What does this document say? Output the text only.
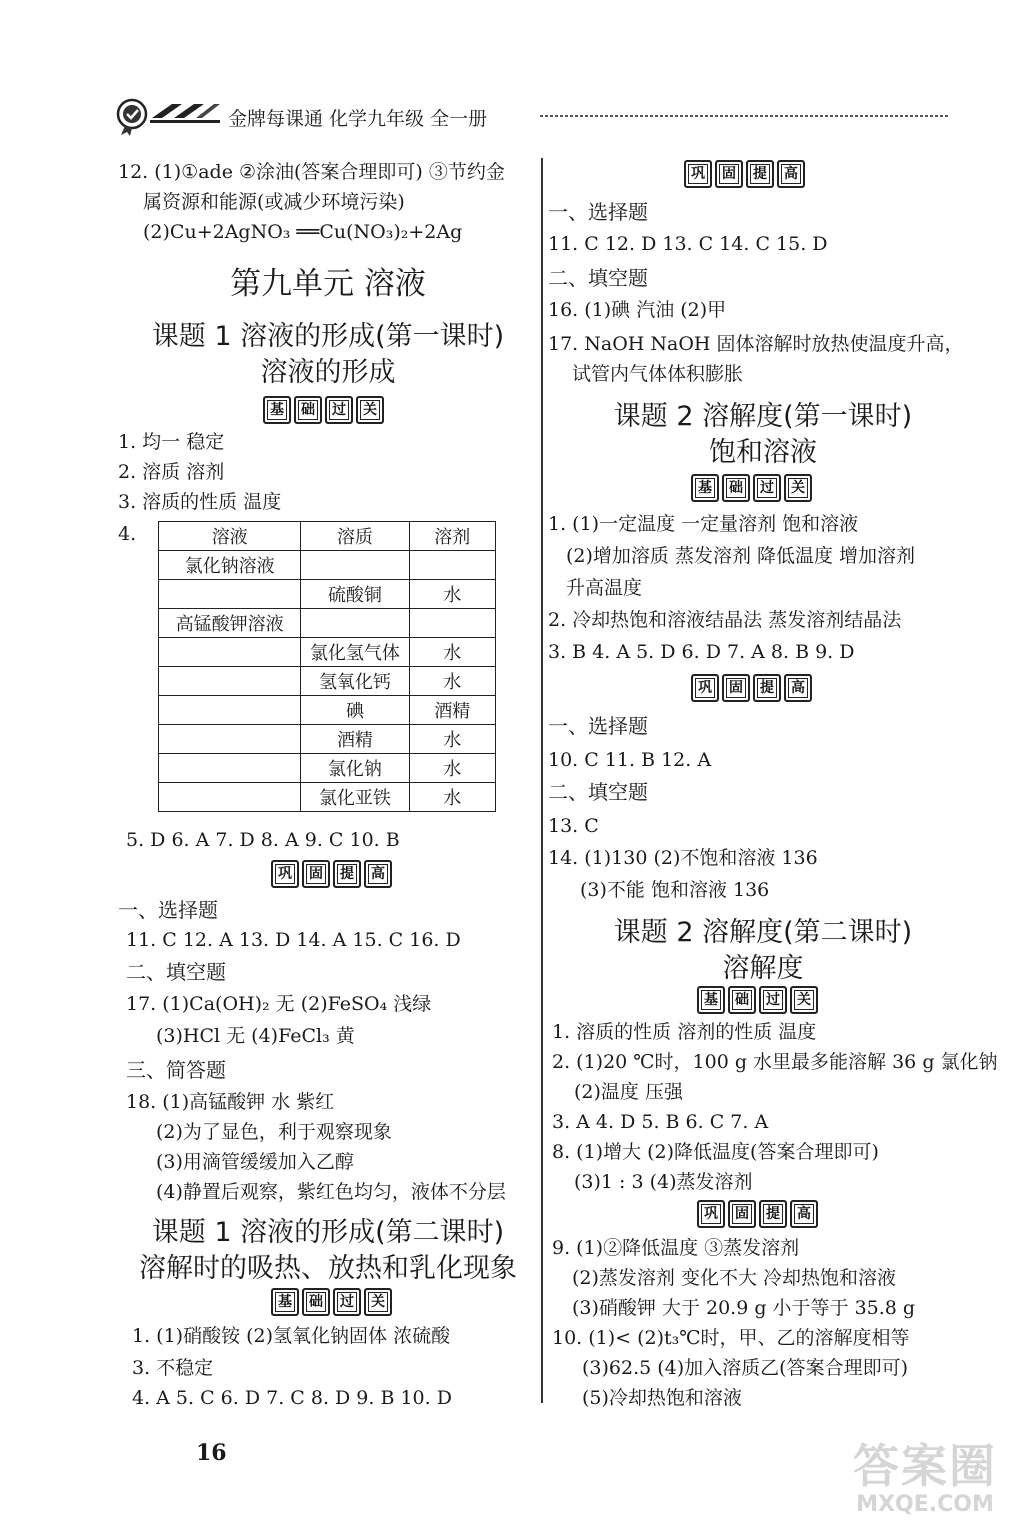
金牌每课通 化学九年级 全一册
12. (1)①ade ②涂油(答案合理即可) ③节约金
属资源和能源(或减少环境污染)
(2)Cu+2AgNO₃ ══Cu(NO₃)₂+2Ag
第九单元 溶液
课题 1 溶液的形成(第一课时)
溶液的形成
基	础	过	关
1. 均一 稳定
2. 溶质 溶剂
3. 溶质的性质 温度
4.	溶液	溶质	溶剂
氯化钠溶液		
	硫酸铜	水
高锰酸钾溶液		
	氯化氢气体	水
	氢氧化钙	水
	碘	酒精
	酒精	水
	氯化钠	水
	氯化亚铁	水
5. D 6. A 7. D 8. A 9. C 10. B
巩	固	提	高
一、选择题
11. C 12. A 13. D 14. A 15. C 16. D
二、填空题
17. (1)Ca(OH)₂ 无 (2)FeSO₄ 浅绿
(3)HCl 无 (4)FeCl₃ 黄
三、简答题
18. (1)高锰酸钾 水 紫红
(2)为了显色，利于观察现象
(3)用滴管缓缓加入乙醇
(4)静置后观察，紫红色均匀，液体不分层
课题 1 溶液的形成(第二课时)
溶解时的吸热、放热和乳化现象
基	础	过	关
1. (1)硝酸铵 (2)氢氧化钠固体 浓硫酸
3. 不稳定
4. A 5. C 6. D 7. C 8. D 9. B 10. D
16
巩	固	提	高
一、选择题
11. C 12. D 13. C 14. C 15. D
二、填空题
16. (1)碘 汽油 (2)甲
17. NaOH NaOH 固体溶解时放热使温度升高，
试管内气体体积膨胀
课题 2 溶解度(第一课时)
饱和溶液
基	础	过	关
1. (1)一定温度 一定量溶剂 饱和溶液
(2)增加溶质 蒸发溶剂 降低温度 增加溶剂
升高温度
2. 冷却热饱和溶液结晶法 蒸发溶剂结晶法
3. B 4. A 5. D 6. D 7. A 8. B 9. D
巩	固	提	高
一、选择题
10. C 11. B 12. A
二、填空题
13. C
14. (1)130 (2)不饱和溶液 136
(3)不能 饱和溶液 136
课题 2 溶解度(第二课时)
溶解度
基	础	过	关
1. 溶质的性质 溶剂的性质 温度
2. (1)20 ℃时，100 g 水里最多能溶解 36 g 氯化钠
(2)温度 压强
3. A 4. D 5. B 6. C 7. A
8. (1)增大 (2)降低温度(答案合理即可)
(3)1 : 3 (4)蒸发溶剂
巩	固	提	高
9. (1)②降低温度 ③蒸发溶剂
(2)蒸发溶剂 变化不大 冷却热饱和溶液
(3)硝酸钾 大于 20.9 g 小于等于 35.8 g
10. (1)< (2)t₃℃时，甲、乙的溶解度相等
(3)62.5 (4)加入溶质乙(答案合理即可)
(5)冷却热饱和溶液
答案圈
MXQE.COM
